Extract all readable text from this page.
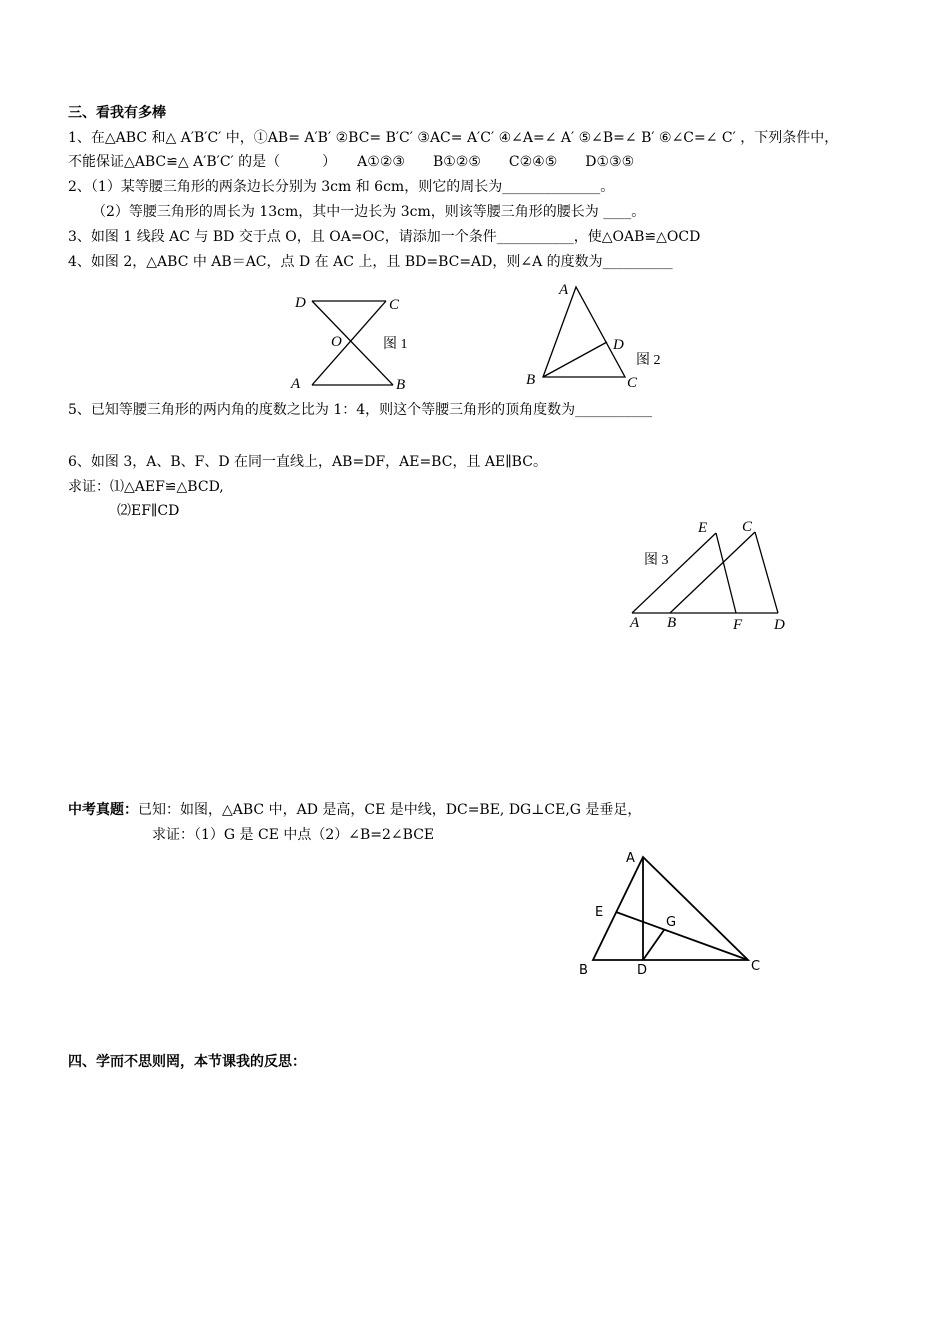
三、看我有多棒
1、在△ABC 和△ A′B′C′ 中，①AB= A′B′ ②BC= B′C′ ③AC= A′C′ ④∠A=∠ A′ ⑤∠B=∠ B′ ⑥∠C=∠ C′ ，下列条件中，
不能保证△ABC≌△ A′B′C′ 的是（　　　）　　A①②③　　B①②⑤　　C②④⑤　　D①③⑤
2、（1）某等腰三角形的两条边长分别为 3cm 和 6cm，则它的周长为______________。
（2）等腰三角形的周长为 13cm，其中一边长为 3cm，则该等腰三角形的腰长为 ____。
3、如图 1 线段 AC 与 BD 交于点 O，且 OA=OC，请添加一个条件___________，使△OAB≌△OCD
4、如图 2，△ABC 中 AB＝AC，点 D 在 AC 上，且 BD=BC=AD，则∠A 的度数为__________
5、已知等腰三角形的两内角的度数之比为 1：4，则这个等腰三角形的顶角度数为___________
6、如图 3，A、B、F、D 在同一直线上，AB=DF，AE=BC，且 AE∥BC。
求证：⑴△AEF≌△BCD,
⑵EF∥CD
中考真题：已知：如图，△ABC 中，AD 是高，CE 是中线，DC=BE, DG⊥CE,G 是垂足，
求证：（1）G 是 CE 中点（2）∠B=2∠BCE
四、学而不思则罔，本节课我的反思：
D	C
O	图 1
A	B
A
D
图 2
B	C
E C
图 3
A B	F D
A
E
G
B	D	C
